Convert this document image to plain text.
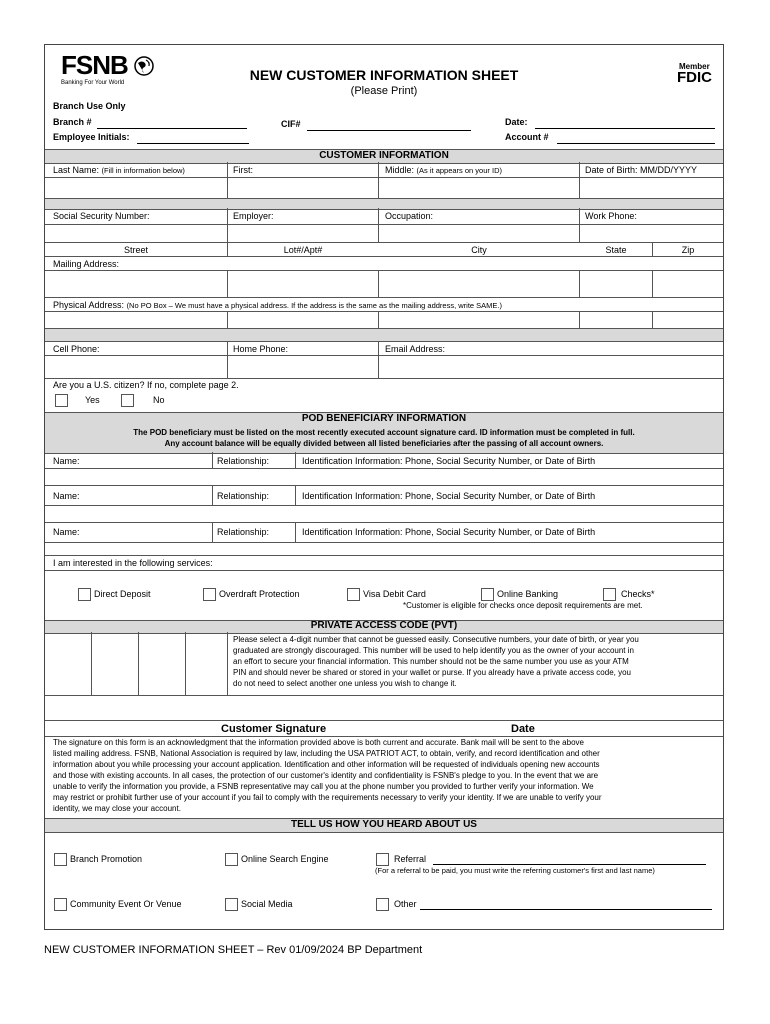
FSNB
Banking For Your World	NEW CUSTOMER INFORMATION SHEET
(Please Print)
Member
FDIC
Branch Use Only
Branch #
Employee Initials:
CIF#	Date:
Account #
CUSTOMER INFORMATION
Last Name: (Fill in information below)	First:	Middle: (As it appears on your ID)	Date of Birth: MM/DD/YYYY
Social Security Number:	Employer:	Occupation:	Work Phone:
Street	Lot#/Apt#	City	State	Zip
Mailing Address:
Physical Address: (No PO Box – We must have a physical address. If the address is the same as the mailing address, write SAME.)
Cell Phone:	Home Phone:	Email Address:
Are you a U.S. citizen? If no, complete page 2.
Yes	No
POD BENEFICIARY INFORMATION
The POD beneficiary must be listed on the most recently executed account signature card. ID information must be completed in full.
Any account balance will be equally divided between all listed beneficiaries after the passing of all account owners.
Name:	Relationship:	Identification Information: Phone, Social Security Number, or Date of Birth
Name:	Relationship:	Identification Information: Phone, Social Security Number, or Date of Birth
Name:	Relationship:	Identification Information: Phone, Social Security Number, or Date of Birth
I am interested in the following services:
Direct Deposit	Overdraft Protection	Visa Debit Card	Online Banking	Checks*
*Customer is eligible for checks once deposit requirements are met.
PRIVATE ACCESS CODE (PVT)
Please select a 4-digit number that cannot be guessed easily. Consecutive numbers, your date of birth, or year you
graduated are strongly discouraged. This number will be used to help identify you as the owner of your account in
an effort to secure your financial information. This number should not be the same number you use as your ATM
PIN and should never be shared or stored in your wallet or purse. If you already have a private access code, you
do not need to select another one unless you wish to change it.
Customer Signature	Date
The signature on this form is an acknowledgment that the information provided above is both current and accurate. Bank mail will be sent to the above
listed mailing address. FSNB, National Association is required by law, including the USA PATRIOT ACT, to obtain, verify, and record identification and other
information about you while processing your account application. Identification and other information will be requested of individuals opening new accounts
and those with existing accounts. In all cases, the protection of our customer's identity and confidentiality is FSNB's pledge to you. In the event that we are
unable to verify the information you provide, a FSNB representative may call you at the phone number you provided to further verify your information. We
may restrict or prohibit further use of your account if you fail to comply with the requirements necessary to verify your identity. If we are unable to verify your
identity, we may close your account.
TELL US HOW YOU HEARD ABOUT US
Branch Promotion	Online Search Engine	Referral
(For a referral to be paid, you must write the referring customer's first and last name)
Community Event Or Venue	Social Media	Other
NEW CUSTOMER INFORMATION SHEET – Rev 01/09/2024 BP Department
